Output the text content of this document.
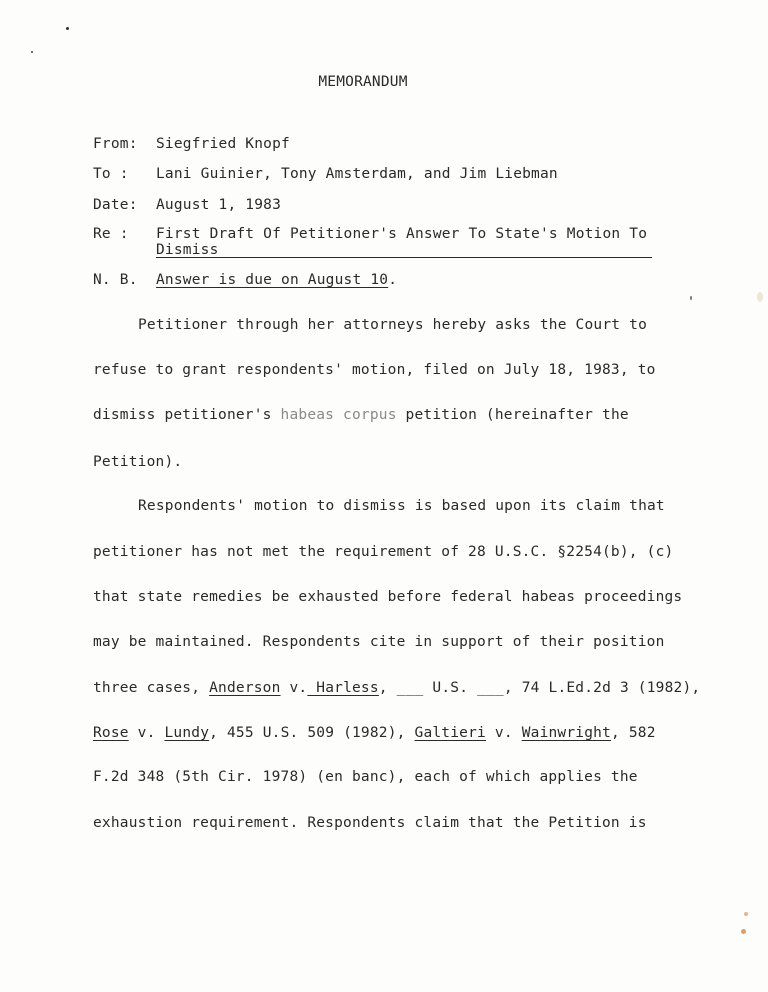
MEMORANDUM
From: Siegfried Knopf
To : Lani Guinier, Tony Amsterdam, and Jim Liebman
Date: August 1, 1983
Re : First Draft Of Petitioner's Answer To State's Motion To
Dismiss
N. B. Answer is due on August 10.
Petitioner through her attorneys hereby asks the Court to
refuse to grant respondents' motion, filed on July 18, 1983, to
dismiss petitioner's habeas corpus petition (hereinafter the
Petition).
Respondents' motion to dismiss is based upon its claim that
petitioner has not met the requirement of 28 U.S.C. §2254(b), (c)
that state remedies be exhausted before federal habeas proceedings
may be maintained. Respondents cite in support of their position
three cases, Anderson v. Harless, ___ U.S. ___, 74 L.Ed.2d 3 (1982),
Rose v. Lundy, 455 U.S. 509 (1982), Galtieri v. Wainwright, 582
F.2d 348 (5th Cir. 1978) (en banc), each of which applies the
exhaustion requirement. Respondents claim that the Petition is
